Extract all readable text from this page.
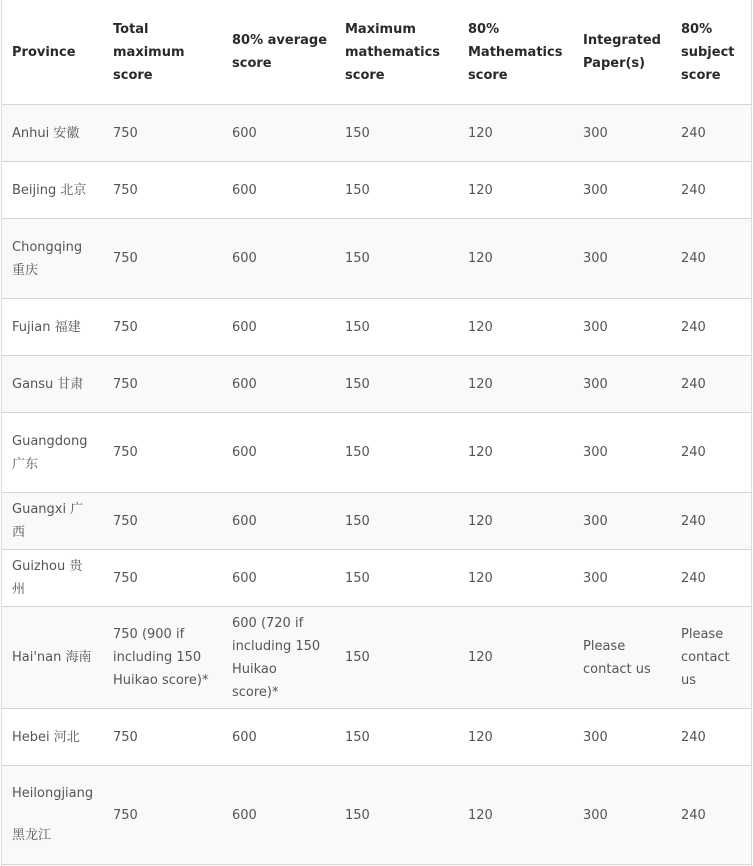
Province	Total maximum score	80% average score	Maximum mathematics score	80% Mathematics score	Integrated Paper(s)	80% subject score
Anhui 安徽	750	600	150	120	300	240
Beijing 北京	750	600	150	120	300	240
Chongqing 重庆	750	600	150	120	300	240
Fujian 福建	750	600	150	120	300	240
Gansu 甘肃	750	600	150	120	300	240
Guangdong 广东	750	600	150	120	300	240
Guangxi 广西	750	600	150	120	300	240
Guizhou 贵州	750	600	150	120	300	240
Hai'nan 海南	750 (900 if including 150 Huikao score)*	600 (720 if including 150 Huikao score)*	150	120	Please contact us	Please contact us
Hebei 河北	750	600	150	120	300	240
Heilongjiang 黑龙江	750	600	150	120	300	240
